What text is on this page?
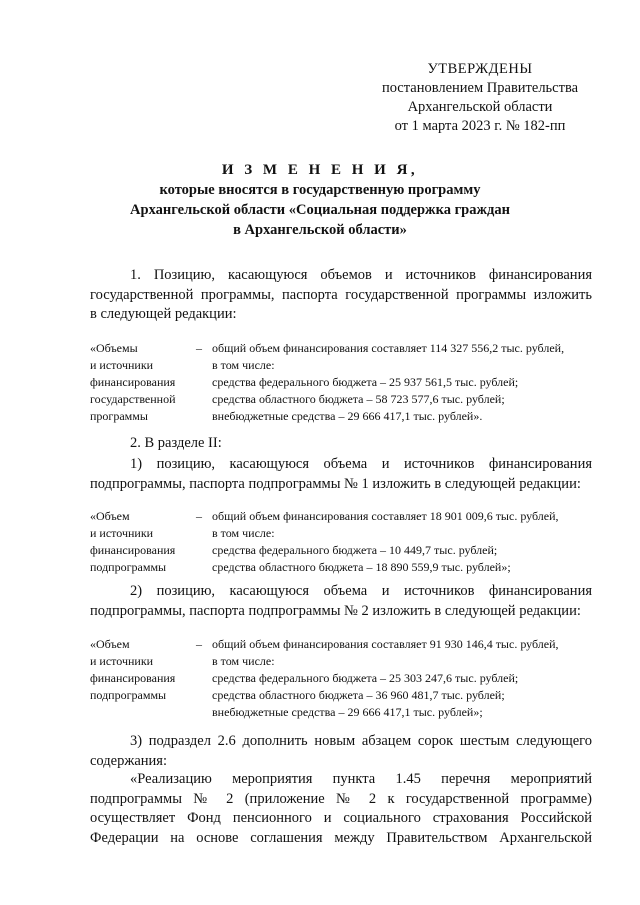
УТВЕРЖДЕНЫ
постановлением Правительства
Архангельской области
от 1 марта 2023 г. № 182-пп
И З М Е Н Е Н И Я,
которые вносятся в государственную программу
Архангельской области «Социальная поддержка граждан
в Архангельской области»
1. Позицию, касающуюся объемов и источников финансирования
государственной программы, паспорта государственной программы изложить
в следующей редакции:
«Объемы
и источники
финансирования
государственной
программы
– общий объем финансирования составляет 114 327 556,2 тыс. рублей,
в том числе:
средства федерального бюджета – 25 937 561,5 тыс. рублей;
средства областного бюджета – 58 723 577,6 тыс. рублей;
внебюджетные средства – 29 666 417,1 тыс. рублей».
2. В разделе II:
1) позицию, касающуюся объема и источников финансирования
подпрограммы, паспорта подпрограммы № 1 изложить в следующей редакции:
«Объем
и источники
финансирования
подпрограммы
– общий объем финансирования составляет 18 901 009,6 тыс. рублей,
в том числе:
средства федерального бюджета – 10 449,7 тыс. рублей;
средства областного бюджета – 18 890 559,9 тыс. рублей»;
2) позицию, касающуюся объема и источников финансирования
подпрограммы, паспорта подпрограммы № 2 изложить в следующей редакции:
«Объем
и источники
финансирования
подпрограммы
– общий объем финансирования составляет 91 930 146,4 тыс. рублей,
в том числе:
средства федерального бюджета – 25 303 247,6 тыс. рублей;
средства областного бюджета – 36 960 481,7 тыс. рублей;
внебюджетные средства – 29 666 417,1 тыс. рублей»;
3) подраздел 2.6 дополнить новым абзацем сорок шестым следующего
содержания:
«Реализацию мероприятия пункта 1.45 перечня мероприятий
подпрограммы № 2 (приложение № 2 к государственной программе)
осуществляет Фонд пенсионного и социального страхования Российской
Федерации на основе соглашения между Правительством Архангельской
